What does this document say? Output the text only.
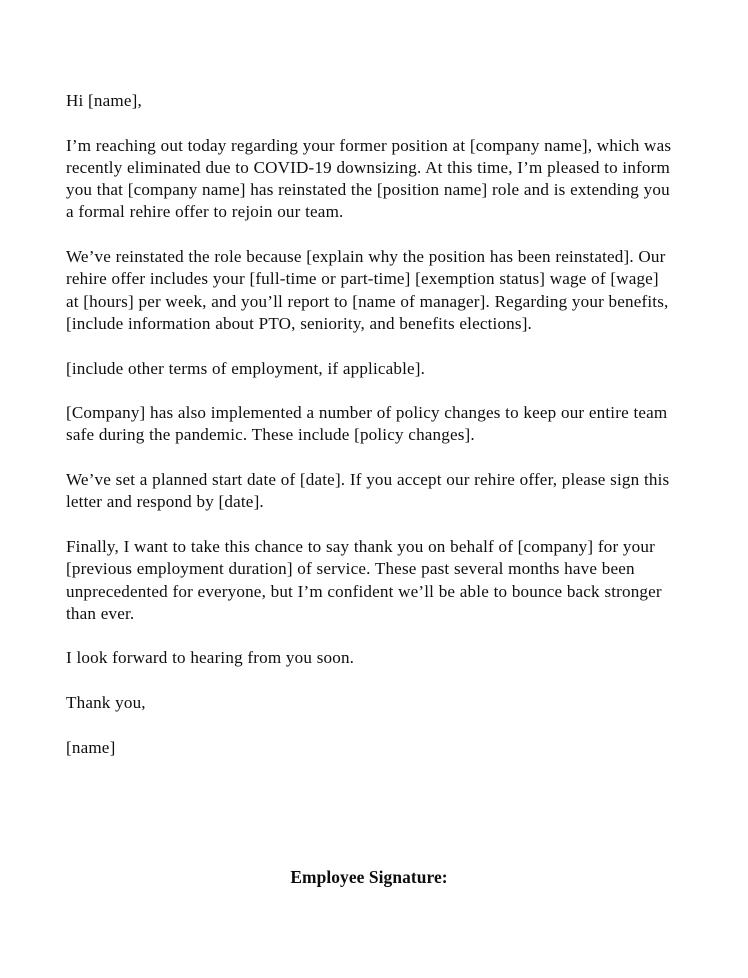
Hi [name],

I’m reaching out today regarding your former position at [company name], which was recently eliminated due to COVID-19 downsizing. At this time, I’m pleased to inform you that [company name] has reinstated the [position name] role and is extending you a formal rehire offer to rejoin our team.

We’ve reinstated the role because [explain why the position has been reinstated]. Our rehire offer includes your [full-time or part-time] [exemption status] wage of [wage] at [hours] per week, and you’ll report to [name of manager]. Regarding your benefits, [include information about PTO, seniority, and benefits elections].

[include other terms of employment, if applicable].

[Company] has also implemented a number of policy changes to keep our entire team safe during the pandemic. These include [policy changes].

We’ve set a planned start date of [date]. If you accept our rehire offer, please sign this letter and respond by [date].

Finally, I want to take this chance to say thank you on behalf of [company] for your [previous employment duration] of service. These past several months have been unprecedented for everyone, but I’m confident we’ll be able to bounce back stronger than ever.

I look forward to hearing from you soon.

Thank you,

[name]

Employee Signature:
